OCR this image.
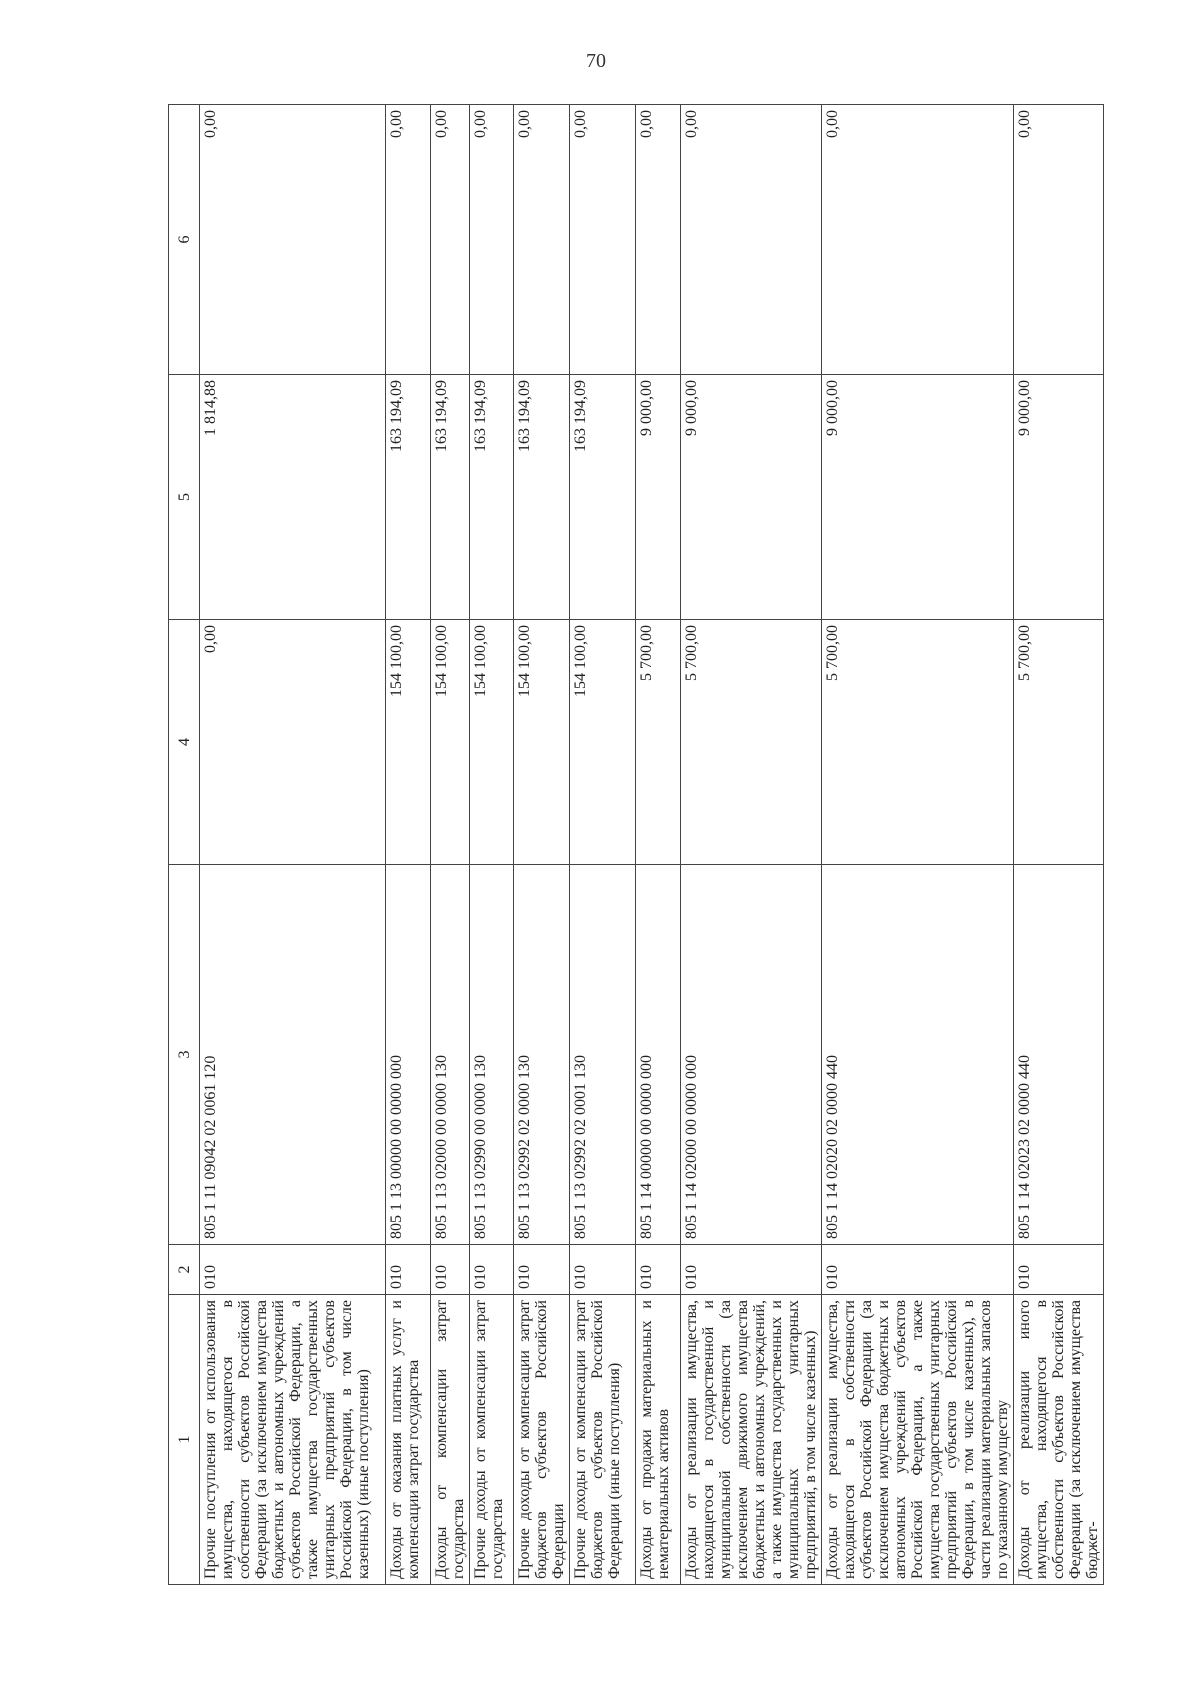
70
1	2	3	4	5	6
Прочие поступления от использования имущества, находящегося в собственности субъектов Российской Федерации (за исключением имущества бюджетных и автономных учреждений субъектов Российской Федерации, а также имущества государственных унитарных предприятий субъектов Российской Федерации, в том числе казенных) (иные поступления)	010	805 1 11 09042 02 0061 120	0,00	1 814,88	0,00
Доходы от оказания платных услуг и компенсации затрат государства	010	805 1 13 00000 00 0000 000	154 100,00	163 194,09	0,00
Доходы от компенсации затрат государства	010	805 1 13 02000 00 0000 130	154 100,00	163 194,09	0,00
Прочие доходы от компенсации затрат государства	010	805 1 13 02990 00 0000 130	154 100,00	163 194,09	0,00
Прочие доходы от компенсации затрат бюджетов субъектов Российской Федерации	010	805 1 13 02992 02 0000 130	154 100,00	163 194,09	0,00
Прочие доходы от компенсации затрат бюджетов субъектов Российской Федерации (иные поступления)	010	805 1 13 02992 02 0001 130	154 100,00	163 194,09	0,00
Доходы от продажи материальных и нематериальных активов	010	805 1 14 00000 00 0000 000	5 700,00	9 000,00	0,00
Доходы от реализации имущества, находящегося в государственной и муниципальной собственности (за исключением движимого имущества бюджетных и автономных учреждений, а также имущества государственных и муниципальных унитарных предприятий, в том числе казенных)	010	805 1 14 02000 00 0000 000	5 700,00	9 000,00	0,00
Доходы от реализации имущества, находящегося в собственности субъектов Российской Федерации (за исключением имущества бюджетных и автономных учреждений субъектов Российской Федерации, а также имущества государственных унитарных предприятий субъектов Российской Федерации, в том числе казенных), в части реализации материальных запасов по указанному имуществу	010	805 1 14 02020 02 0000 440	5 700,00	9 000,00	0,00
Доходы от реализации иного имущества, находящегося в собственности субъектов Российской Федерации (за исключением имущества бюджет-	010	805 1 14 02023 02 0000 440	5 700,00	9 000,00	0,00
